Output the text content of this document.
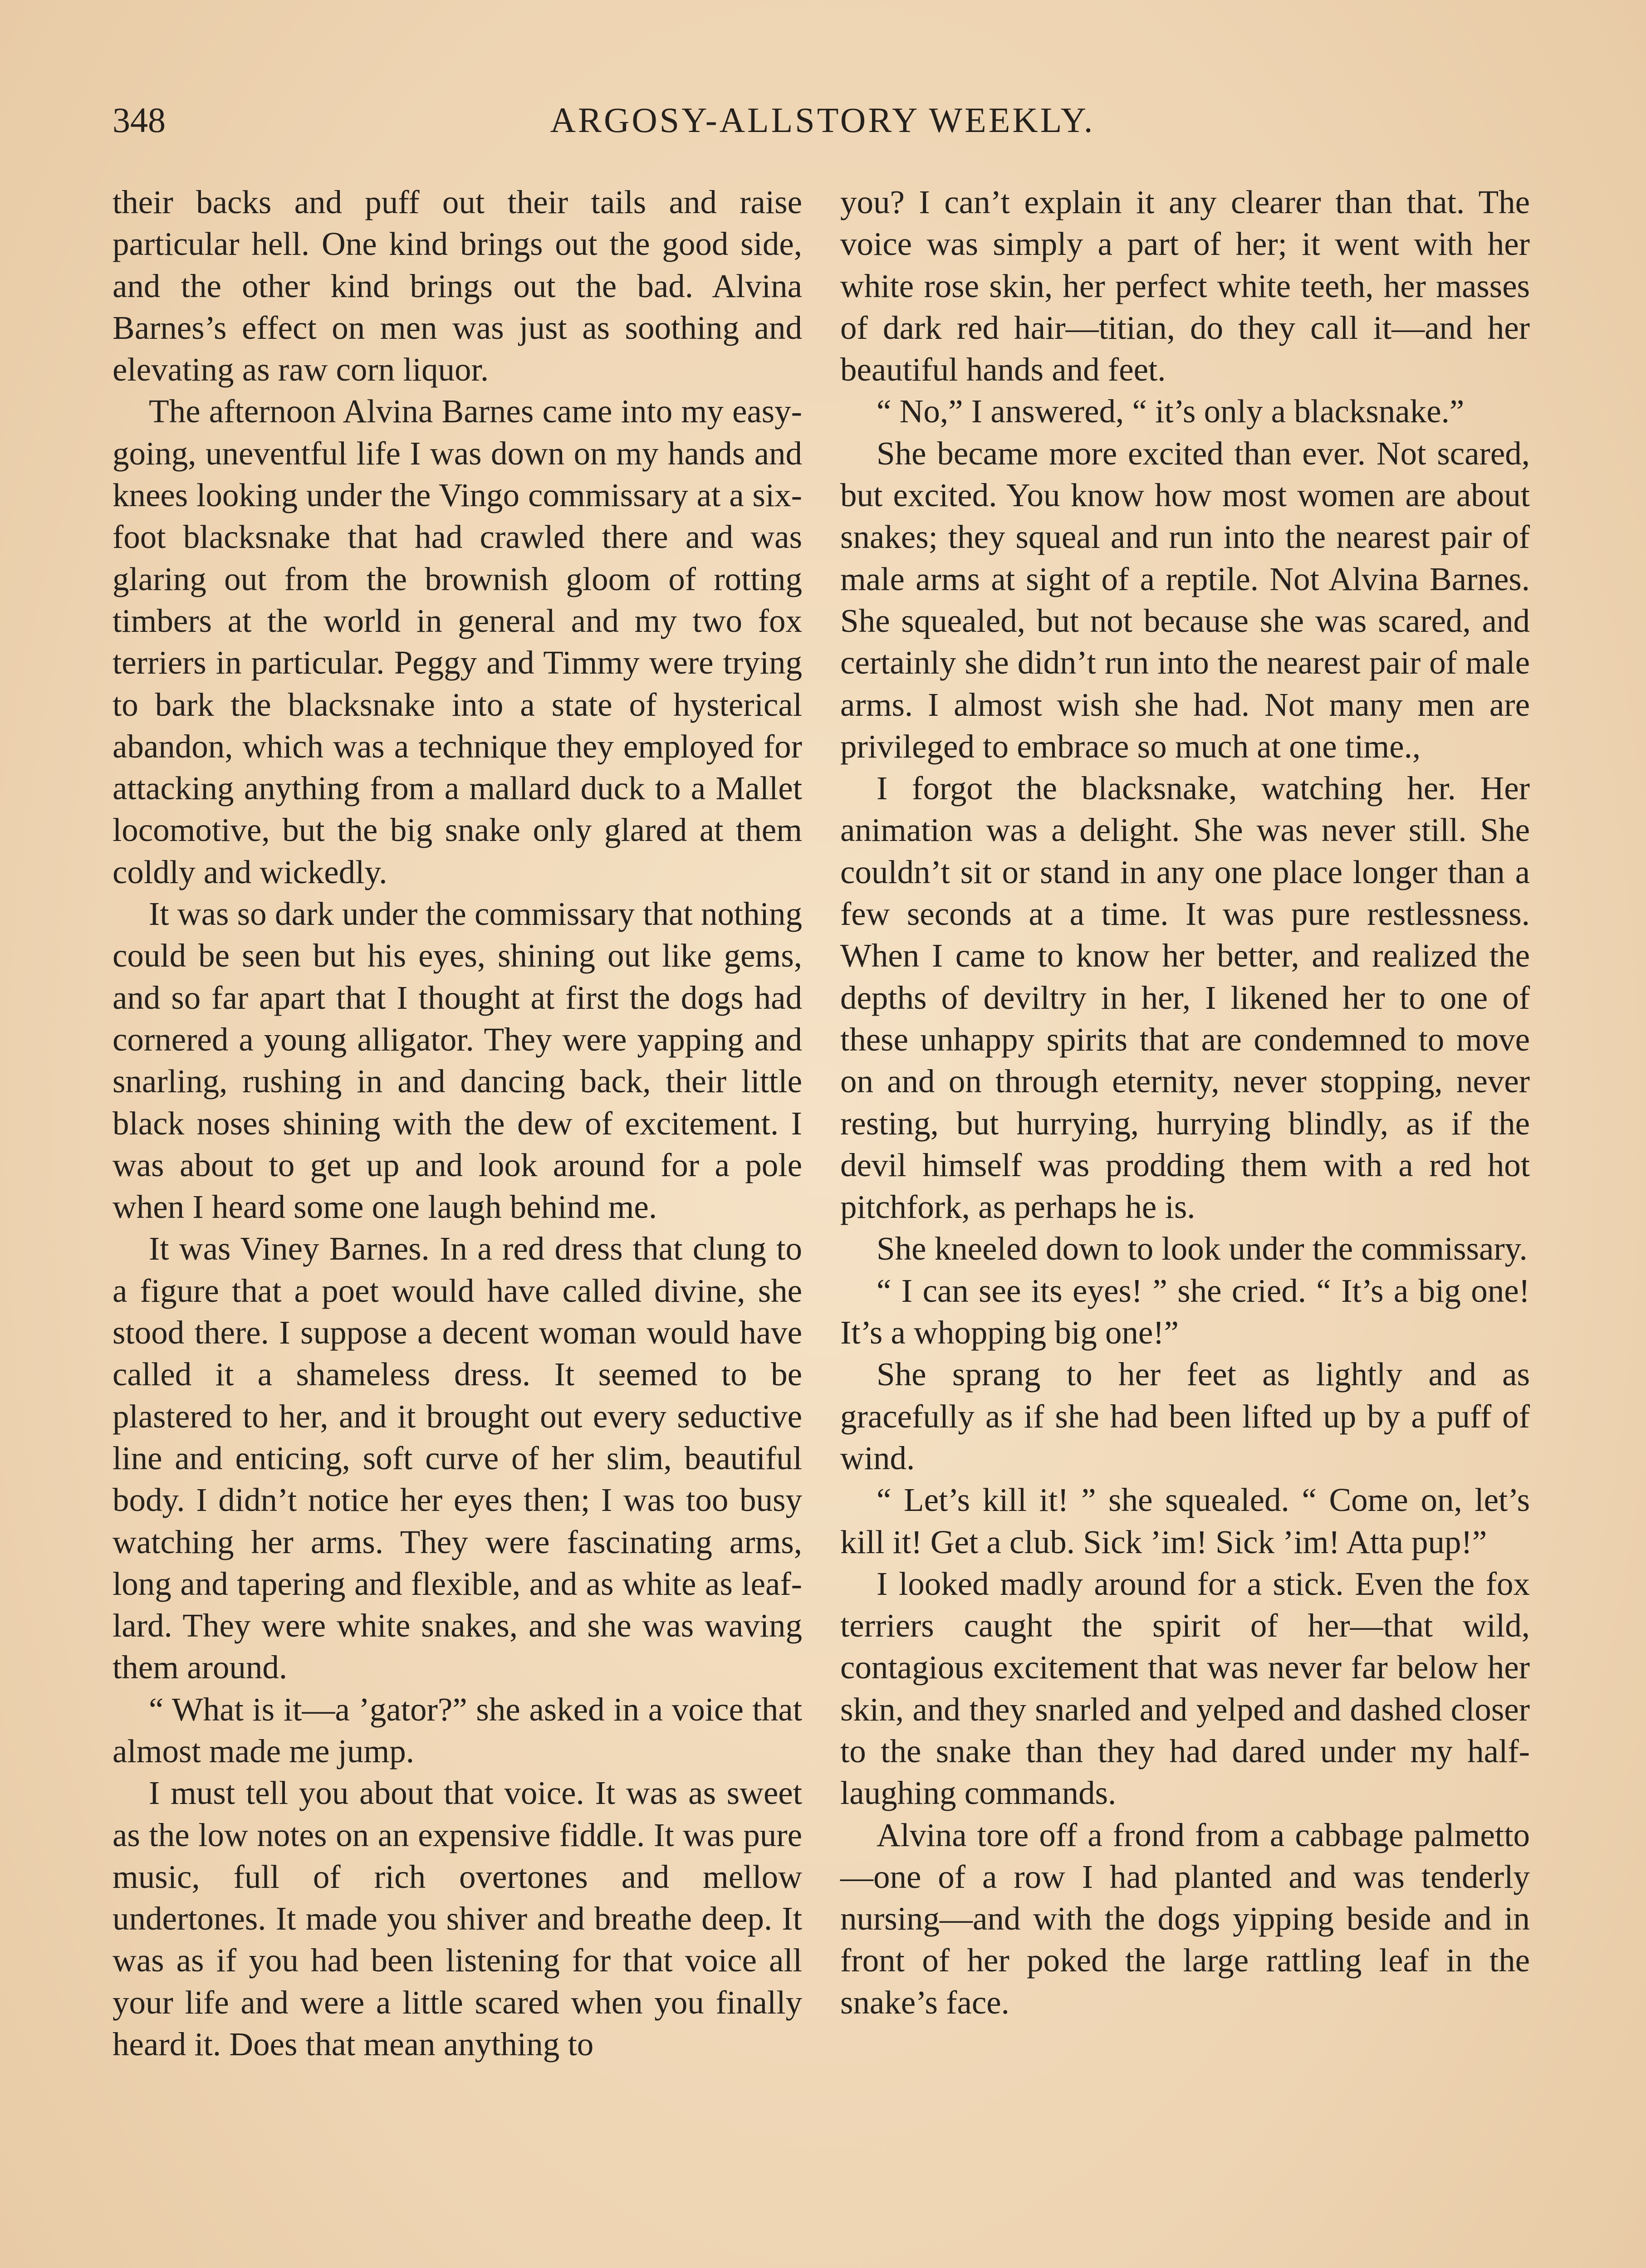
348	ARGOSY-ALLSTORY WEEKLY.

their backs and puff out their tails and raise particular hell. One kind brings out the good side, and the other kind brings out the bad. Alvina Barnes’s effect on men was just as soothing and elevating as raw corn liquor.

The afternoon Alvina Barnes came into my easy-going, uneventful life I was down on my hands and knees looking under the Vingo commissary at a six-foot blacksnake that had crawled there and was glaring out from the brownish gloom of rotting timbers at the world in general and my two fox terriers in particular. Peggy and Timmy were trying to bark the blacksnake into a state of hysterical abandon, which was a technique they employed for attacking anything from a mallard duck to a Mallet locomotive, but the big snake only glared at them coldly and wickedly.

It was so dark under the commissary that nothing could be seen but his eyes, shining out like gems, and so far apart that I thought at first the dogs had cornered a young alligator. They were yapping and snarling, rushing in and dancing back, their little black noses shining with the dew of excitement. I was about to get up and look around for a pole when I heard some one laugh behind me.

It was Viney Barnes. In a red dress that clung to a figure that a poet would have called divine, she stood there. I suppose a decent woman would have called it a shameless dress. It seemed to be plastered to her, and it brought out every seductive line and enticing, soft curve of her slim, beautiful body. I didn’t notice her eyes then; I was too busy watching her arms. They were fascinating arms, long and tapering and flexible, and as white as leaf-lard. They were white snakes, and she was waving them around.

“ What is it—a ’gator?” she asked in a voice that almost made me jump.

I must tell you about that voice. It was as sweet as the low notes on an expensive fiddle. It was pure music, full of rich overtones and mellow undertones. It made you shiver and breathe deep. It was as if you had been listening for that voice all your life and were a little scared when you finally heard it. Does that mean anything to

you? I can’t explain it any clearer than that. The voice was simply a part of her; it went with her white rose skin, her perfect white teeth, her masses of dark red hair—titian, do they call it—and her beautiful hands and feet.

“ No,” I answered, “ it’s only a blacksnake.”

She became more excited than ever. Not scared, but excited. You know how most women are about snakes; they squeal and run into the nearest pair of male arms at sight of a reptile. Not Alvina Barnes. She squealed, but not because she was scared, and certainly she didn’t run into the nearest pair of male arms. I almost wish she had. Not many men are privileged to embrace so much at one time.,

I forgot the blacksnake, watching her. Her animation was a delight. She was never still. She couldn’t sit or stand in any one place longer than a few seconds at a time. It was pure restlessness. When I came to know her better, and realized the depths of deviltry in her, I likened her to one of these unhappy spirits that are condemned to move on and on through eternity, never stopping, never resting, but hurrying, hurrying blindly, as if the devil himself was prodding them with a red hot pitchfork, as perhaps he is.

She kneeled down to look under the commissary.

“ I can see its eyes! ” she cried. “ It’s a big one! It’s a whopping big one!”

She sprang to her feet as lightly and as gracefully as if she had been lifted up by a puff of wind.

“ Let’s kill it! ” she squealed. “ Come on, let’s kill it! Get a club. Sick ’im! Sick ’im! Atta pup!”

I looked madly around for a stick. Even the fox terriers caught the spirit of her—that wild, contagious excitement that was never far below her skin, and they snarled and yelped and dashed closer to the snake than they had dared under my half-laughing commands.

Alvina tore off a frond from a cabbage palmetto—one of a row I had planted and was tenderly nursing—and with the dogs yipping beside and in front of her poked the large rattling leaf in the snake’s face.
